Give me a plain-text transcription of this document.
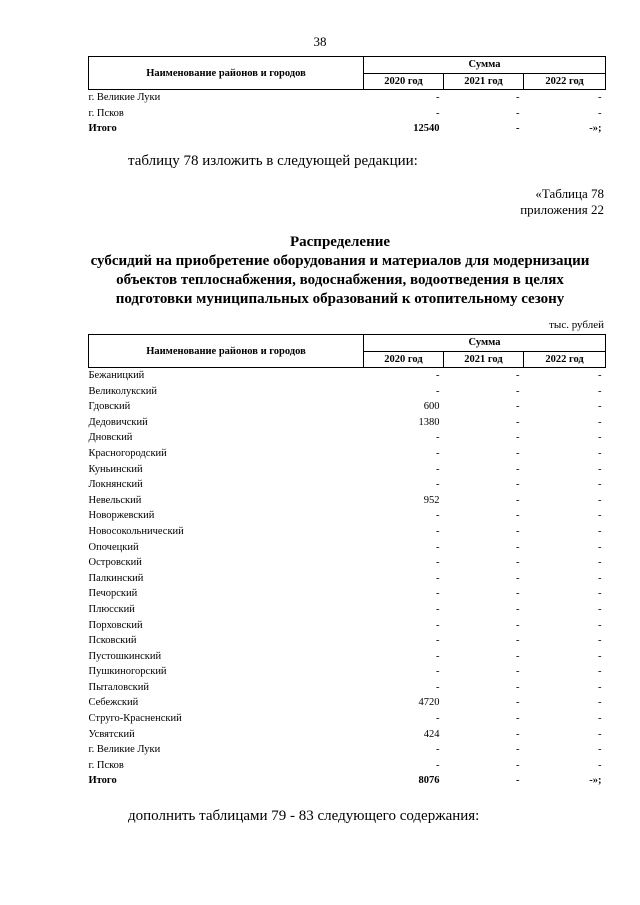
38
Наименование районов и городов	Сумма		
	2020 год	2021 год	2022 год
г. Великие Луки	-	-	-
г. Псков	-	-	-
Итого	12540	-	-»;
таблицу 78 изложить в следующей редакции:
«Таблица 78
приложения 22
Распределение
субсидий на приобретение оборудования и материалов для модернизации
объектов теплоснабжения, водоснабжения, водоотведения в целях
подготовки муниципальных образований к отопительному сезону
тыс. рублей
Наименование районов и городов	Сумма		
	2020 год	2021 год	2022 год
Бежаницкий	-	-	-
Великолукский	-	-	-
Гдовский	600	-	-
Дедовичский	1380	-	-
Дновский	-	-	-
Красногородский	-	-	-
Куньинский	-	-	-
Локнянский	-	-	-
Невельский	952	-	-
Новоржевский	-	-	-
Новосокольнический	-	-	-
Опочецкий	-	-	-
Островский	-	-	-
Палкинский	-	-	-
Печорский	-	-	-
Плюсский	-	-	-
Порховский	-	-	-
Псковский	-	-	-
Пустошкинский	-	-	-
Пушкиногорский	-	-	-
Пыталовский	-	-	-
Себежский	4720	-	-
Струго-Красненский	-	-	-
Усвятский	424	-	-
г. Великие Луки	-	-	-
г. Псков	-	-	-
Итого	8076	-	-»;
дополнить таблицами 79 - 83 следующего содержания:
